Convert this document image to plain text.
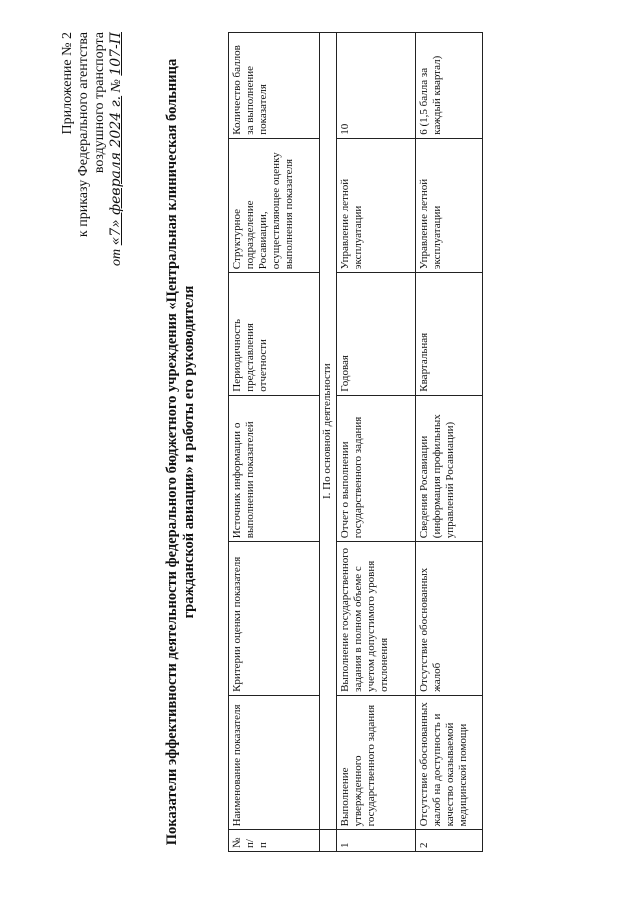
Приложение № 2 к приказу Федерального агентства воздушного транспорта
от «7» февраля 2024 г. № 107-П
Показатели эффективности деятельности федерального бюджетного учреждения «Центральная клиническая больница гражданской авиации» и работы его руководителя
№ п/п	Наименование показателя	Критерии оценки показателя	Источник информации о выполнении показателей	Периодичность представления отчетности	Структурное подразделение Росавиации, осуществляющее оценку выполнения показателя	Количество баллов за выполнение показателя
	I. По основной деятельности					
1	Выполнение утвержденного государственного задания	Выполнение государственного задания в полном объеме с учетом допустимого уровня отклонения	Отчет о выполнении государственного задания	Годовая	Управление летной эксплуатации	10
2	Отсутствие обоснованных жалоб на доступность и качество оказываемой медицинской помощи	Отсутствие обоснованных жалоб	Сведения Росавиации (информация профильных управлений Росавиации)	Квартальная	Управление летной эксплуатации	6 (1,5 балла за каждый квартал)
